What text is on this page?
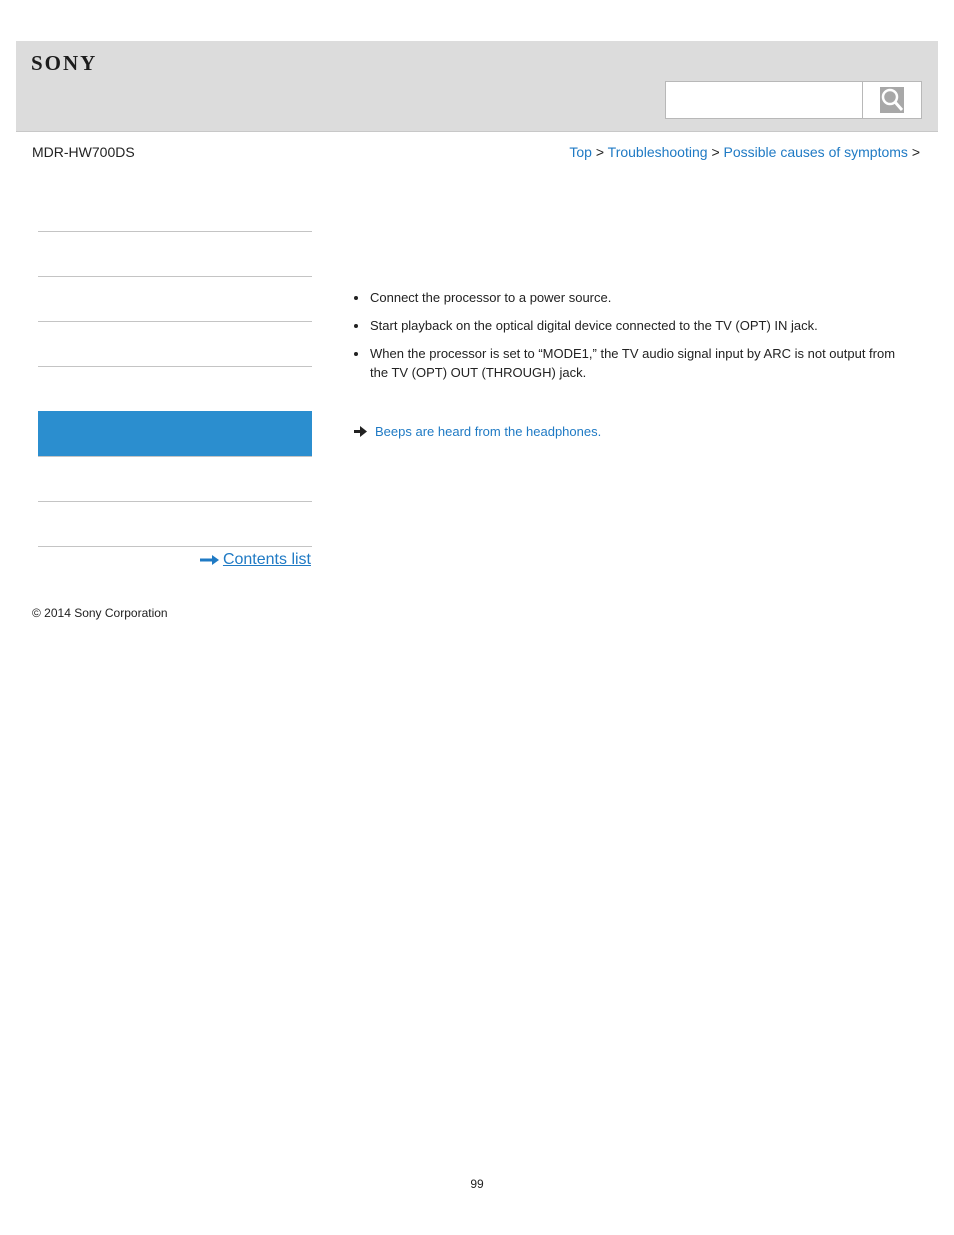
SONY
MDR-HW700DS	Top > Troubleshooting > Possible causes of symptoms >
Contents list
Connect the processor to a power source.
Start playback on the optical digital device connected to the TV (OPT) IN jack.
When the processor is set to “MODE1,” the TV audio signal input by ARC is not output from the TV (OPT) OUT (THROUGH) jack.
Beeps are heard from the headphones.
© 2014 Sony Corporation
99
